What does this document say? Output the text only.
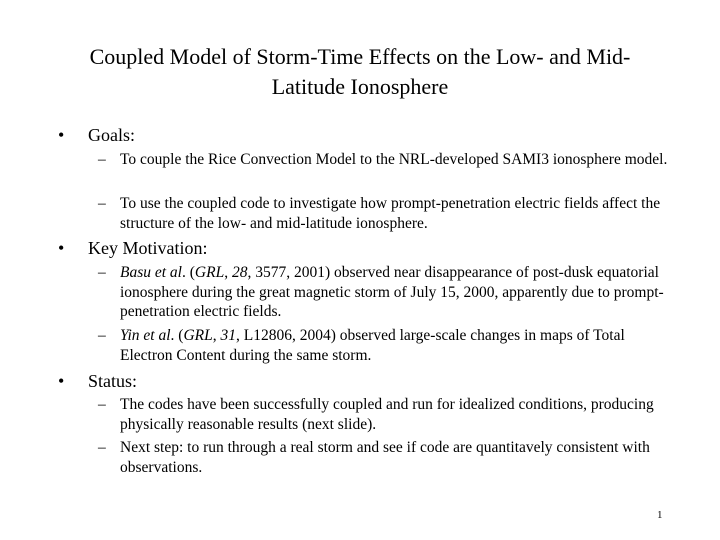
Coupled Model of Storm-Time Effects on the Low- and Mid-
Latitude Ionosphere
• Goals:
– To couple the Rice Convection Model to the NRL-developed SAMI3 ionosphere model.
– To use the coupled code to investigate how prompt-penetration electric fields affect the structure of the low- and mid-latitude ionosphere.
• Key Motivation:
– Basu et al. (GRL, 28, 3577, 2001) observed near disappearance of post-dusk equatorial ionosphere during the great magnetic storm of July 15, 2000, apparently due to prompt-penetration electric fields.
– Yin et al. (GRL, 31, L12806, 2004) observed large-scale changes in maps of Total Electron Content during the same storm.
• Status:
– The codes have been successfully coupled and run for idealized conditions, producing physically reasonable results (next slide).
– Next step: to run through a real storm and see if code are quantitavely consistent with observations.
1
